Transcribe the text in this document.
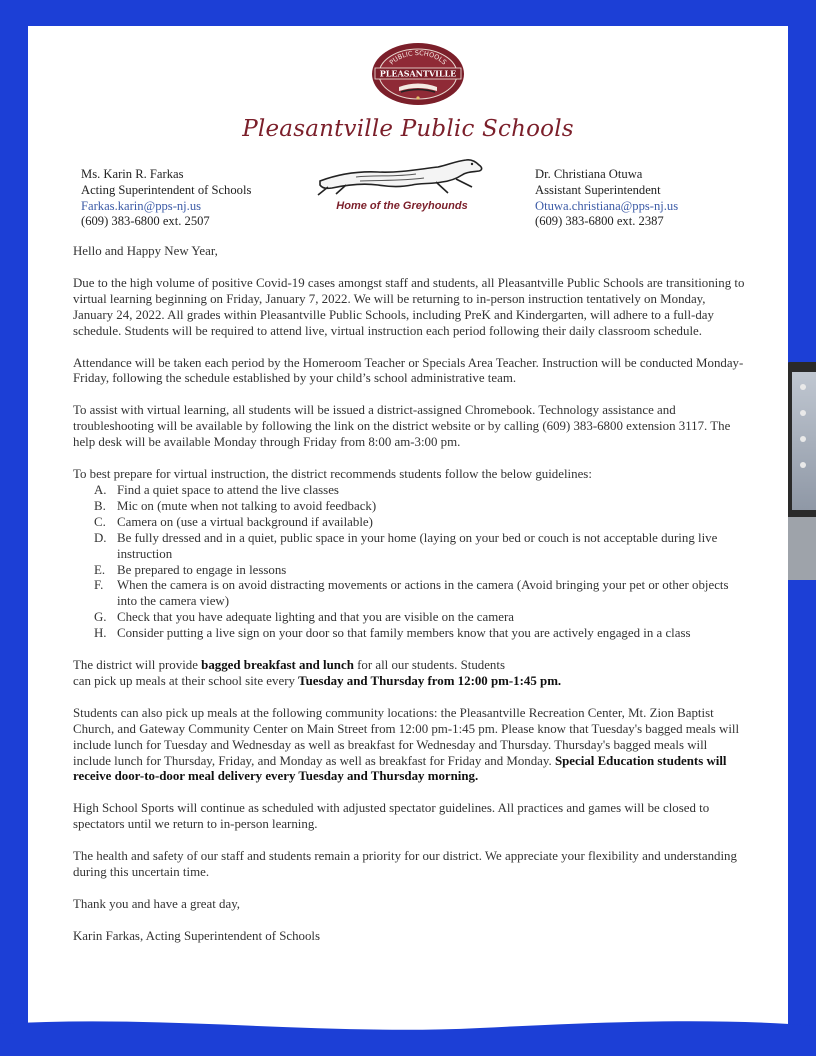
PUBLIC SCHOOLS
PLEASANTVILLE
Pleasantville Public Schools
Ms. Karin R. Farkas
Acting Superintendent of Schools
Farkas.karin@pps-nj.us
(609) 383-6800 ext. 2507
Home of the Greyhounds
Dr. Christiana Otuwa
Assistant Superintendent
Otuwa.christiana@pps-nj.us
(609) 383-6800 ext. 2387

Hello and Happy New Year,

Due to the high volume of positive Covid-19 cases amongst staff and students, all Pleasantville Public Schools are transitioning to virtual learning beginning on Friday, January 7, 2022. We will be returning to in-person instruction tentatively on Monday, January 24, 2022. All grades within Pleasantville Public Schools, including PreK and Kindergarten, will adhere to a full-day schedule. Students will be required to attend live, virtual instruction each period following their daily classroom schedule.

Attendance will be taken each period by the Homeroom Teacher or Specials Area Teacher. Instruction will be conducted Monday-Friday, following the schedule established by your child’s school administrative team.

To assist with virtual learning, all students will be issued a district-assigned Chromebook. Technology assistance and troubleshooting will be available by following the link on the district website or by calling (609) 383-6800 extension 3117. The help desk will be available Monday through Friday from 8:00 am-3:00 pm.

To best prepare for virtual instruction, the district recommends students follow the below guidelines:

A. Find a quiet space to attend the live classes
B. Mic on (mute when not talking to avoid feedback)
C. Camera on (use a virtual background if available)
D. Be fully dressed and in a quiet, public space in your home (laying on your bed or couch is not acceptable during live instruction
E. Be prepared to engage in lessons
F. When the camera is on avoid distracting movements or actions in the camera (Avoid bringing your pet or other objects into the camera view)
G. Check that you have adequate lighting and that you are visible on the camera
H. Consider putting a live sign on your door so that family members know that you are actively engaged in a class

The district will provide bagged breakfast and lunch for all our students. Students
can pick up meals at their school site every Tuesday and Thursday from 12:00 pm-1:45 pm.

Students can also pick up meals at the following community locations: the Pleasantville Recreation Center, Mt. Zion Baptist Church, and Gateway Community Center on Main Street from 12:00 pm-1:45 pm. Please know that Tuesday's bagged meals will include lunch for Tuesday and Wednesday as well as breakfast for Wednesday and Thursday. Thursday's bagged meals will include lunch for Thursday, Friday, and Monday as well as breakfast for Friday and Monday. Special Education students will receive door-to-door meal delivery every Tuesday and Thursday morning.

High School Sports will continue as scheduled with adjusted spectator guidelines. All practices and games will be closed to spectators until we return to in-person learning.

The health and safety of our staff and students remain a priority for our district. We appreciate your flexibility and understanding during this uncertain time.

Thank you and have a great day,

Karin Farkas, Acting Superintendent of Schools
